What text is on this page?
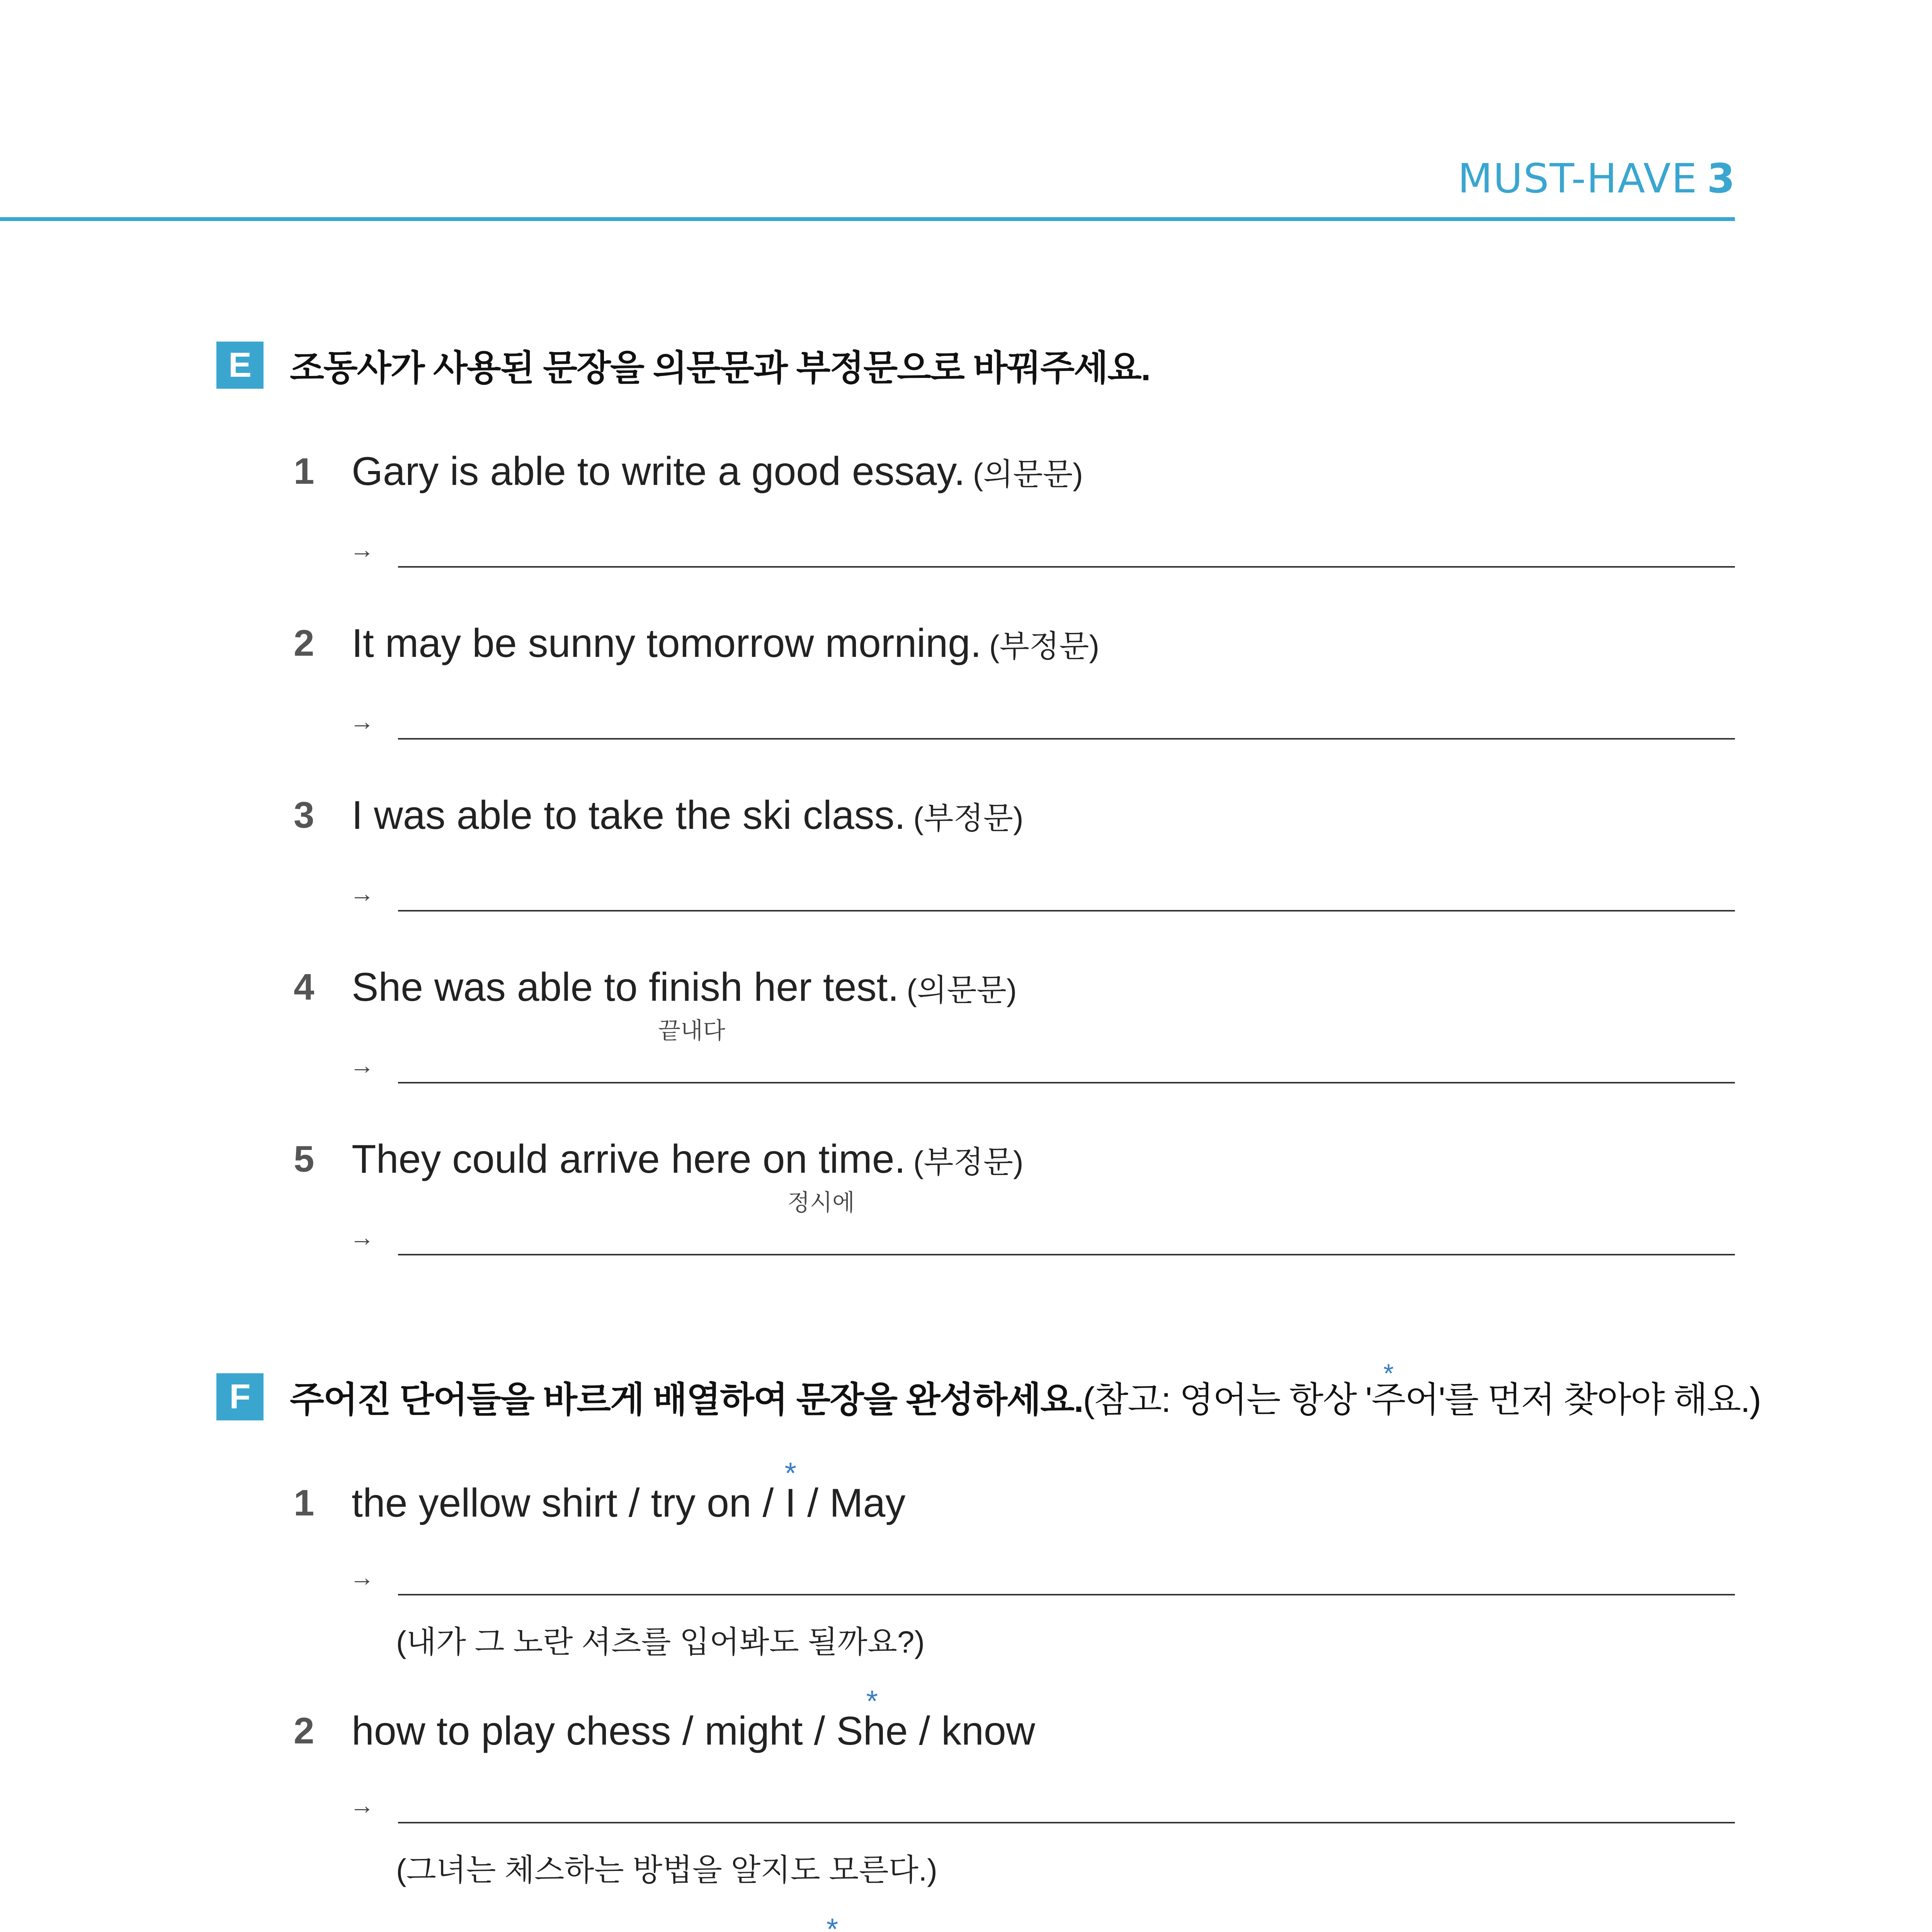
MUST-HAVE 3
E	조동사가 사용된 문장을 의문문과 부정문으로 바꿔주세요.
1 Gary is able to write a good essay. (의문문)
→
2 It may be sunny tomorrow morning. (부정문)
→
3 I was able to take the ski class. (부정문)
→
4 She was able to finish her test. (의문문)
끝내다
→
5 They could arrive here on time. (부정문)
정시에
→
F	주어진 단어들을 바르게 배열하여 문장을 완성하세요.(참고: 영어는 항상 '주
*
어'를 먼저 찾아야 해요.)
1 the yellow shirt / try on / I
*
/ May
→
(내가 그 노란 셔츠를 입어봐도 될까요?)
2 how to play chess / might / She
*
/ know
→
(그녀는 체스하는 방법을 알지도 모른다.)
*
